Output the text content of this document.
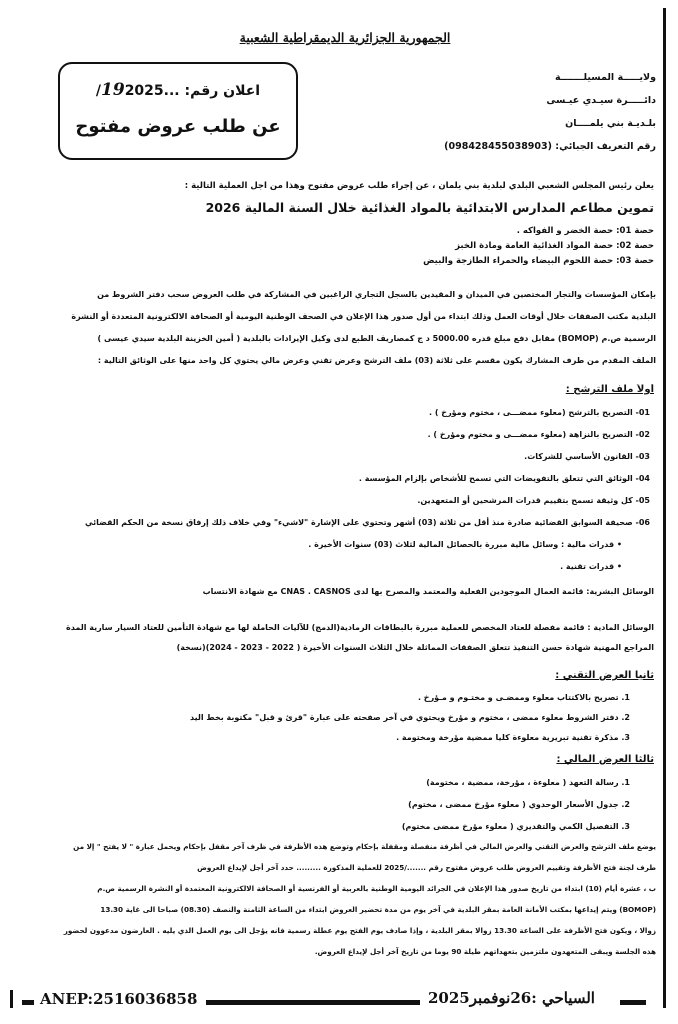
الجمهورية الجزائرية الديمقراطية الشعبية
ولايـــــة المسيلـــــــة
دائـــــرة سيـدي عيـسى
بلـديـة بني يلمــــان
رقم التعريف الجبائي: (098428455038903)
اعلان رقم: ...192025/
عن طلب عروض مفتوح
يعلن رئيس المجلس الشعبي البلدي لبلدية بني يلمان ، عن إجراء طلب عروض مفتوح وهذا من اجل العملية التالية :
تموين مطاعم المدارس الابتدائية بالمواد الغذائية خلال السنة المالية 2026
حصة 01: حصة الخضر و الفواكه .
حصة 02: حصة المواد الغذائية العامة ومادة الخبز
حصة 03: حصة اللحوم البيضاء والحمراء الطازجة والبيض
بإمكان المؤسسات والتجار المختصين في الميدان و المقيدين بالسجل التجاري الراغبين في المشاركة في طلب العروض سحب دفتر الشروط من
البلدية مكتب الصفقات خلال أوقات العمل وذلك ابتداء من أول صدور هذا الإعلان في الصحف الوطنية اليومية أو الصحافة الالكترونية المتعددة أو النشرة
الرسمية ص.م (BOMOP) مقابل دفع مبلغ قدره 5000.00 د ج كمصاريف الطبع لدى وكيل الإيرادات بالبلدية ( أمين الخزينة البلدية سيدي عيسى )
الملف المقدم من طرف المشارك يكون مقسم على ثلاثة (03) ملف الترشح وعرض تقني وعرض مالي يحتوي كل واحد منها على الوثائق التالية :
أولاً ملف الترشح :
01- التصريح بالترشح (معلوء ممضـــى ، مختوم ومؤرخ ) .
02- التصريح بالنزاهة (معلوء ممضـــى و مختوم ومؤرخ ) .
03- القانون الأساسي للشركات.
04- الوثائق التي تتعلق بالتفويضات التي تسمح للأشخاص بإلزام المؤسسة .
05- كل وثيقة تسمح بتقييم قدرات المرشحين أو المتعهدين.
06- صحيفة السوابق القضائية صادرة منذ أقل من ثلاثة (03) أشهر وتحتوي على الإشارة "لاشيء" وفي خلاف ذلك إرفاق نسخة من الحكم القضائي
• قدرات مالية : وسائل مالية مبررة بالحصائل المالية لثلاث (03) سنوات الأخيرة .
• قدرات تقنية .
الوسائل البشرية: قائمة العمال الموجودين الفعلية والمعتمد والمصرح بها لدى CNAS . CASNOS مع شهادة الانتساب
الوسائل المادية : قائمة مفصلة للعتاد المخصص للعملية مبررة بالبطاقات الرمادية(الدمج) للآليات الحاملة لها مع شهادة التأمين للعتاد السيار سارية المدة
المراجع المهنية شهادة حسن التنفيذ تتعلق الصفقات المماثلة خلال الثلاث السنوات الأخيرة ( 2022 - 2023 - 2024)(نسخة)
ثانيا العرض التقني :
1. تصريح بالاكتتاب معلوء وممضـى و مختـوم و مـؤرخ .
2. دفتر الشروط معلوء ممضى ، مختوم و مؤرخ ويحتوي في آخر صفحته على عبارة "قرئ و قبل" مكتوبة بخط اليد
3. مذكرة تقنية تبريرية معلوءة كليا ممضية مؤرخة ومختومة .
ثالثا العرض المالي :
1. رسالة التعهد ( معلوءة ، مؤرخة، ممضية ، مختومة)
2. جدول الأسعار الوحدوي ( معلوء مؤرخ ممضى ، مختوم)
3. التفصيل الكمي والتقديري ( معلوء مؤرخ ممضى مختوم)
يوضع ملف الترشح والعرض التقني والعرض المالي في أظرفة منفصلة ومقفلة بإحكام وتوضع هذه الأظرفة في ظرف آخر مقفل بإحكام ويحمل عبارة " لا يفتح " إلا من
طرف لجنة فتح الأظرفة وتقييم العروض طلب عروض مفتوح رقم ......./2025 للعملية المذكورة ......... حدد آخر أجل لإيداع العروض
ب ، عشرة أيام (10) ابتداء من تاريخ صدور هذا الإعلان في الجرائد اليومية الوطنية بالعربية أو الفرنسية أو الصحافة الالكترونية المعتمدة أو النشرة الرسمية ص.م
(BOMOP) ويتم إيداعها بمكتب الأمانة العامة بمقر البلدية في آخر يوم من مدة تحضير العروض ابتداء من الساعة الثامنة والنصف (08.30) صباحا الى غاية 13.30
زوالا ، ويكون فتح الأظرفة على الساعة 13.30 زوالا بمقر البلدية ، وإذا صادف يوم الفتح يوم عطلة رسمية فانه يؤجل الى يوم العمل الذي يليه . العارضون مدعوون لحضور
هذه الجلسة ويبقى المتعهدون ملتزمين بتعهداتهم طيلة 90 يوما من تاريخ آخر أجل لإيداع العروض.
ANEP:2516036858	السياحي :26نوفمبر2025
